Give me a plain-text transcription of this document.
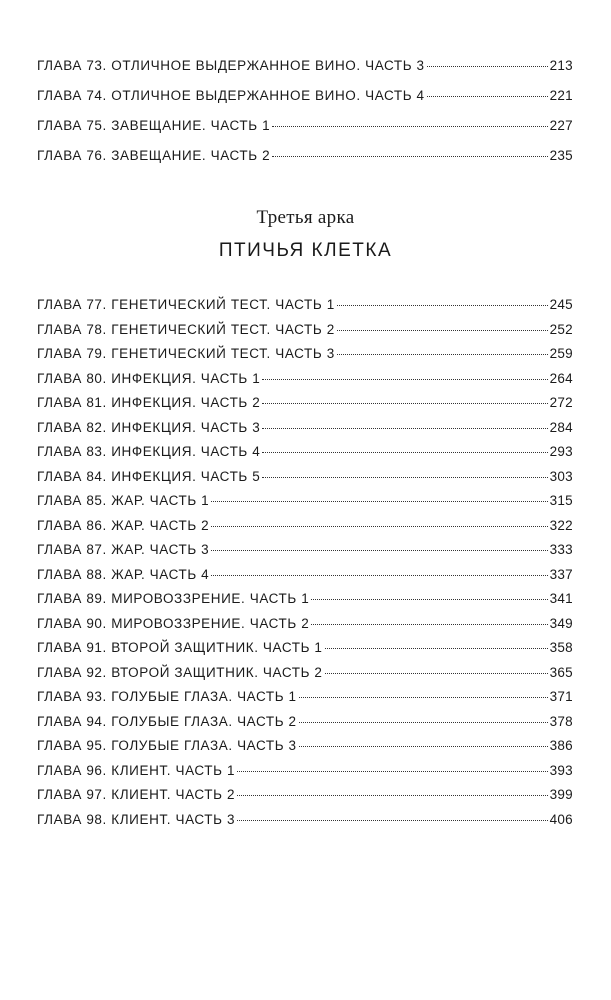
ГЛАВА 73. ОТЛИЧНОЕ ВЫДЕРЖАННОЕ ВИНО. ЧАСТЬ 3	213
ГЛАВА 74. ОТЛИЧНОЕ ВЫДЕРЖАННОЕ ВИНО. ЧАСТЬ 4	221
ГЛАВА 75. ЗАВЕЩАНИЕ. ЧАСТЬ 1	227
ГЛАВА 76. ЗАВЕЩАНИЕ. ЧАСТЬ 2	235
Третья арка
ПТИЧЬЯ КЛЕТКА
ГЛАВА 77. ГЕНЕТИЧЕСКИЙ ТЕСТ. ЧАСТЬ 1	245
ГЛАВА 78. ГЕНЕТИЧЕСКИЙ ТЕСТ. ЧАСТЬ 2	252
ГЛАВА 79. ГЕНЕТИЧЕСКИЙ ТЕСТ. ЧАСТЬ 3	259
ГЛАВА 80. ИНФЕКЦИЯ. ЧАСТЬ 1	264
ГЛАВА 81. ИНФЕКЦИЯ. ЧАСТЬ 2	272
ГЛАВА 82. ИНФЕКЦИЯ. ЧАСТЬ 3	284
ГЛАВА 83. ИНФЕКЦИЯ. ЧАСТЬ 4	293
ГЛАВА 84. ИНФЕКЦИЯ. ЧАСТЬ 5	303
ГЛАВА 85. ЖАР. ЧАСТЬ 1	315
ГЛАВА 86. ЖАР. ЧАСТЬ 2	322
ГЛАВА 87. ЖАР. ЧАСТЬ 3	333
ГЛАВА 88. ЖАР. ЧАСТЬ 4	337
ГЛАВА 89. МИРОВОЗЗРЕНИЕ. ЧАСТЬ 1	341
ГЛАВА 90. МИРОВОЗЗРЕНИЕ. ЧАСТЬ 2	349
ГЛАВА 91. ВТОРОЙ ЗАЩИТНИК. ЧАСТЬ 1	358
ГЛАВА 92. ВТОРОЙ ЗАЩИТНИК. ЧАСТЬ 2	365
ГЛАВА 93. ГОЛУБЫЕ ГЛАЗА. ЧАСТЬ 1	371
ГЛАВА 94. ГОЛУБЫЕ ГЛАЗА. ЧАСТЬ 2	378
ГЛАВА 95. ГОЛУБЫЕ ГЛАЗА. ЧАСТЬ 3	386
ГЛАВА 96. КЛИЕНТ. ЧАСТЬ 1	393
ГЛАВА 97. КЛИЕНТ. ЧАСТЬ 2	399
ГЛАВА 98. КЛИЕНТ. ЧАСТЬ 3	406
